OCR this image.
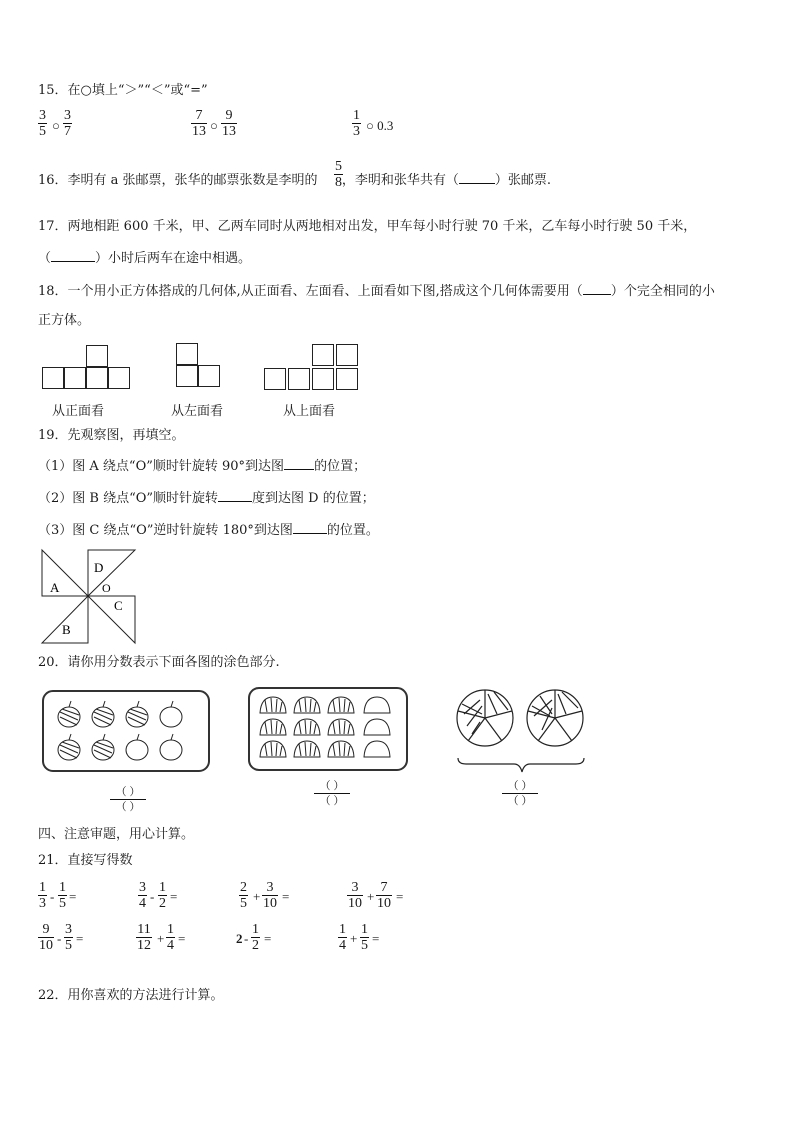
15．在○填上“＞”“＜”或“=”
$\frac{3}{5}$ ○ $\frac{3}{7}$	$\frac{7}{13}$ ○ $\frac{9}{13}$	$\frac{1}{3}$ ○ 0.3
16．李明有 a 张邮票，张华的邮票张数是李明的 ，李明和张华共有（	）张邮票.
$\frac{5}{8}$
17．两地相距 600 千米，甲、乙两车同时从两地相对出发，甲车每小时行驶 70 千米，乙车每小时行驶 50 千米，
（	）小时后两车在途中相遇。
18．一个用小正方体搭成的几何体,从正面看、左面看、上面看如下图,搭成这个几何体需要用（ ）个完全相同的小
正方体。
从正面看	从左面看	从上面看
19．先观察图，再填空。
（1）图 A 绕点“O”顺时针旋转 90°到达图 的位置；
（2）图 B 绕点“O”顺时针旋转	度到达图 D 的位置；
（3）图 C 绕点“O”逆时针旋转 180°到达图	的位置。
A
D
O
C
B
20．请你用分数表示下面各图的涂色部分.
（ ）
（ ）
（ ）
（ ）
（ ）
（ ）
四、注意审题，用心计算。
21．直接写得数
$\frac{1}{3} - \frac{1}{5}$ =	$\frac{3}{4} - \frac{1}{2}$ =	$\frac{2}{5} + \frac{3}{10}$ =	$\frac{3}{10} + \frac{7}{10}$ =
$\frac{9}{10} - \frac{3}{5}$ =	$\frac{11}{12} + \frac{1}{4}$ =	$2 - \frac{1}{2}$ =	$\frac{1}{4} + \frac{1}{5}$ =
22．用你喜欢的方法进行计算。
